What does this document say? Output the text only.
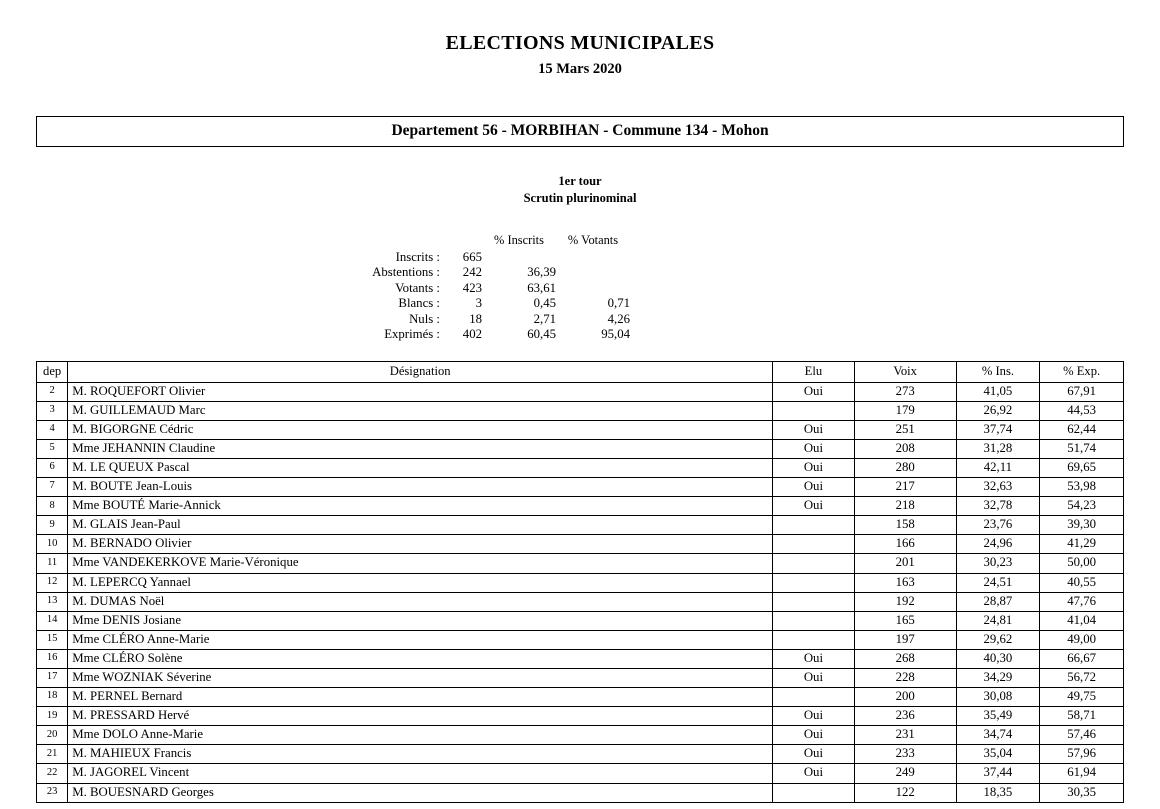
ELECTIONS MUNICIPALES
15 Mars 2020
Departement 56 - MORBIHAN - Commune 134 - Mohon
1er tour
Scrutin plurinominal
		% Inscrits	% Votants
Inscrits :	665		
Abstentions :	242	36,39	
Votants :	423	63,61	
Blancs :	3	0,45	0,71
Nuls :	18	2,71	4,26
Exprimés :	402	60,45	95,04
dep	Désignation	Elu	Voix	% Ins.	% Exp.
2	M. ROQUEFORT Olivier	Oui	273	41,05	67,91
3	M. GUILLEMAUD Marc		179	26,92	44,53
4	M. BIGORGNE Cédric	Oui	251	37,74	62,44
5	Mme JEHANNIN Claudine	Oui	208	31,28	51,74
6	M. LE QUEUX Pascal	Oui	280	42,11	69,65
7	M. BOUTE Jean-Louis	Oui	217	32,63	53,98
8	Mme BOUTÉ Marie-Annick	Oui	218	32,78	54,23
9	M. GLAIS Jean-Paul		158	23,76	39,30
10	M. BERNADO Olivier		166	24,96	41,29
11	Mme VANDEKERKOVE Marie-Véronique		201	30,23	50,00
12	M. LEPERCQ Yannael		163	24,51	40,55
13	M. DUMAS Noël		192	28,87	47,76
14	Mme DENIS Josiane		165	24,81	41,04
15	Mme CLÉRO Anne-Marie		197	29,62	49,00
16	Mme CLÉRO Solène	Oui	268	40,30	66,67
17	Mme WOZNIAK Séverine	Oui	228	34,29	56,72
18	M. PERNEL Bernard		200	30,08	49,75
19	M. PRESSARD Hervé	Oui	236	35,49	58,71
20	Mme DOLO Anne-Marie	Oui	231	34,74	57,46
21	M. MAHIEUX Francis	Oui	233	35,04	57,96
22	M. JAGOREL Vincent	Oui	249	37,44	61,94
23	M. BOUESNARD Georges		122	18,35	30,35
